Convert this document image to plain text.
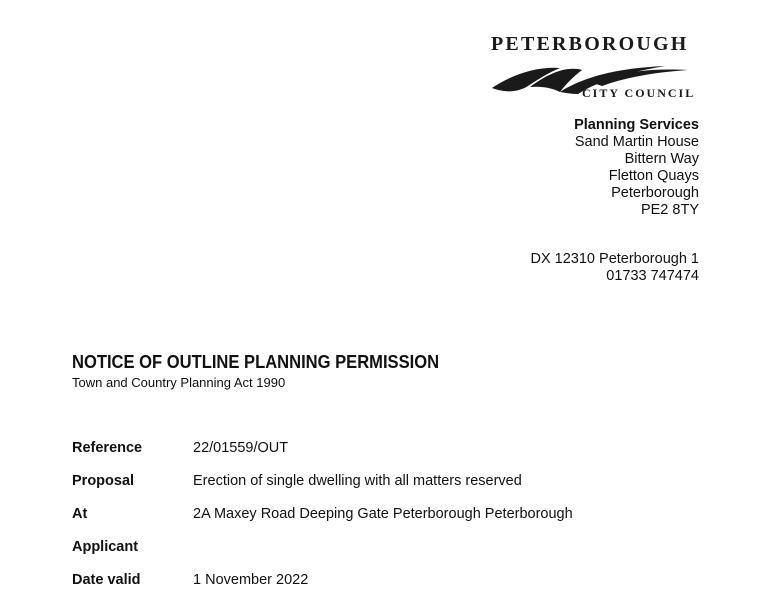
PETERBOROUGH
CITY COUNCIL
Planning Services
Sand Martin House
Bittern Way
Fletton Quays
Peterborough
PE2 8TY
DX 12310 Peterborough 1
01733 747474
NOTICE OF OUTLINE PLANNING PERMISSION
Town and Country Planning Act 1990
Reference	22/01559/OUT
Proposal	Erection of single dwelling with all matters reserved
At	2A Maxey Road Deeping Gate Peterborough Peterborough
Applicant
Date valid	1 November 2022
